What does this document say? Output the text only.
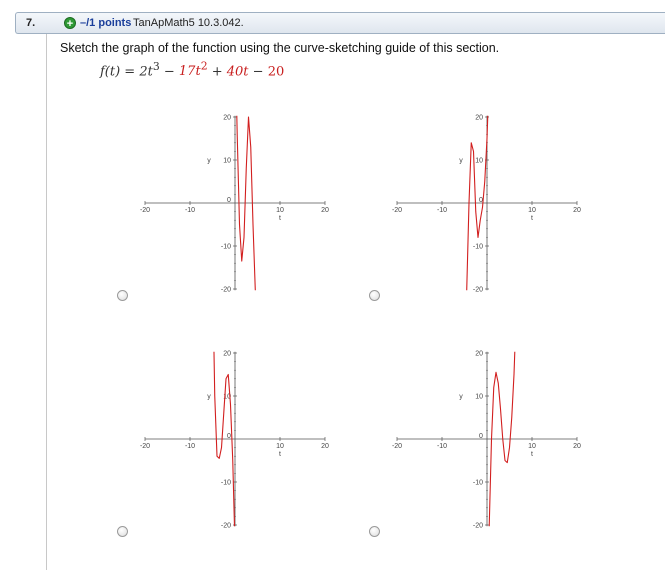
7.	+ –/1 points TanApMath5 10.3.042.
Sketch the graph of the function using the curve-sketching guide of this section.
$f(t) = 2t^3 - 17t^2 + 40t - 20$
-20	-10
0
10	20
20
10
-10
-20
t
y
-20	-10
0
10	20
20
10
-10
-20
t
y
-20	-10
0
10	20
20
10
-10
-20
t
y
-20	-10
0
10	20
20
10
-10
-20
t
y
